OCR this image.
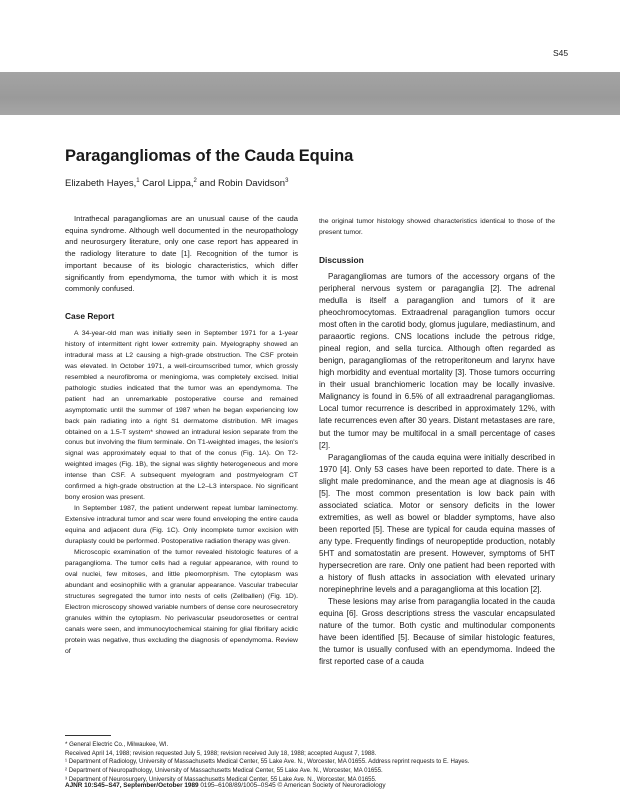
S45
Paragangliomas of the Cauda Equina
Elizabeth Hayes,$^1$ Carol Lippa,$^2$ and Robin Davidson$^3$

Intrathecal paragangliomas are an unusual cause of the cauda equina syndrome. Although well documented in the neuropathology and neurosurgery literature, only one case report has appeared in the radiology literature to date [1]. Recognition of the tumor is important because of its biologic characteristics, which differ significantly from ependymoma, the tumor with which it is most commonly confused.

Case Report

A 34-year-old man was initially seen in September 1971 for a 1-year history of intermittent right lower extremity pain. Myelography showed an intradural mass at L2 causing a high-grade obstruction. The CSF protein was elevated. In October 1971, a well-circumscribed tumor, which grossly resembled a neurofibroma or meningioma, was completely excised. Initial pathologic studies indicated that the tumor was an ependymoma. The patient had an unremarkable postoperative course and remained asymptomatic until the summer of 1987 when he began experiencing low back pain radiating into a right S1 dermatome distribution. MR images obtained on a 1.5-T system* showed an intradural lesion separate from the conus but involving the filum terminale. On T1-weighted images, the lesion's signal was approximately equal to that of the conus (Fig. 1A). On T2-weighted images (Fig. 1B), the signal was slightly heterogeneous and more intense than CSF. A subsequent myelogram and postmyelogram CT confirmed a high-grade obstruction at the L2–L3 interspace. No significant bony erosion was present.

In September 1987, the patient underwent repeat lumbar laminectomy. Extensive intradural tumor and scar were found enveloping the entire cauda equina and adjacent dura (Fig. 1C). Only incomplete tumor excision with duraplasty could be performed. Postoperative radiation therapy was given.

Microscopic examination of the tumor revealed histologic features of a paraganglioma. The tumor cells had a regular appearance, with round to oval nuclei, few mitoses, and little pleomorphism. The cytoplasm was abundant and eosinophilic with a granular appearance. Vascular trabecular structures segregated the tumor into nests of cells (Zellballen) (Fig. 1D). Electron microscopy showed variable numbers of dense core neurosecretory granules within the cytoplasm. No perivascular pseudorosettes or central canals were seen, and immunocytochemical staining for glial fibrillary acidic protein was negative, thus excluding the diagnosis of ependymoma. Review of

the original tumor histology showed characteristics identical to those of the present tumor.

Discussion

Paragangliomas are tumors of the accessory organs of the peripheral nervous system or paraganglia [2]. The adrenal medulla is itself a paraganglion and tumors of it are pheochromocytomas. Extraadrenal paraganglion tumors occur most often in the carotid body, glomus jugulare, mediastinum, and paraaortic regions. CNS locations include the petrous ridge, pineal region, and sella turcica. Although often regarded as benign, paragangliomas of the retroperitoneum and larynx have high morbidity and eventual mortality [3]. Those tumors occurring in their usual branchiomeric location may be locally invasive. Malignancy is found in 6.5% of all extraadrenal paragangliomas. Local tumor recurrence is described in approximately 12%, with late recurrences even after 30 years. Distant metastases are rare, but the tumor may be multifocal in a small percentage of cases [2].

Paragangliomas of the cauda equina were initially described in 1970 [4]. Only 53 cases have been reported to date. There is a slight male predominance, and the mean age at diagnosis is 46 [5]. The most common presentation is low back pain with associated sciatica. Motor or sensory deficits in the lower extremities, as well as bowel or bladder symptoms, have also been reported [5]. These are typical for cauda equina masses of any type. Frequently findings of neuropeptide production, notably 5HT and somatostatin are present. However, symptoms of 5HT hypersecretion are rare. Only one patient had been reported with a history of flush attacks in association with elevated urinary norepinephrine levels and a paraganglioma at this location [2].

These lesions may arise from paraganglia located in the cauda equina [6]. Gross descriptions stress the vascular encapsulated nature of the tumor. Both cystic and multinodular components have been identified [5]. Because of similar histologic features, the tumor is usually confused with an ependymoma. Indeed the first reported case of a cauda

* General Electric Co., Milwaukee, WI.
Received April 14, 1988; revision requested July 5, 1988; revision received July 18, 1988; accepted August 7, 1988.
¹ Department of Radiology, University of Massachusetts Medical Center, 55 Lake Ave. N., Worcester, MA 01655. Address reprint requests to E. Hayes.
² Department of Neuropathology, University of Massachusetts Medical Center, 55 Lake Ave. N., Worcester, MA 01655.
³ Department of Neurosurgery, University of Massachusetts Medical Center, 55 Lake Ave. N., Worcester, MA 01655.
AJNR 10:S45–S47, September/October 1989 0195–6108/89/1005–0S45 © American Society of Neuroradiology
